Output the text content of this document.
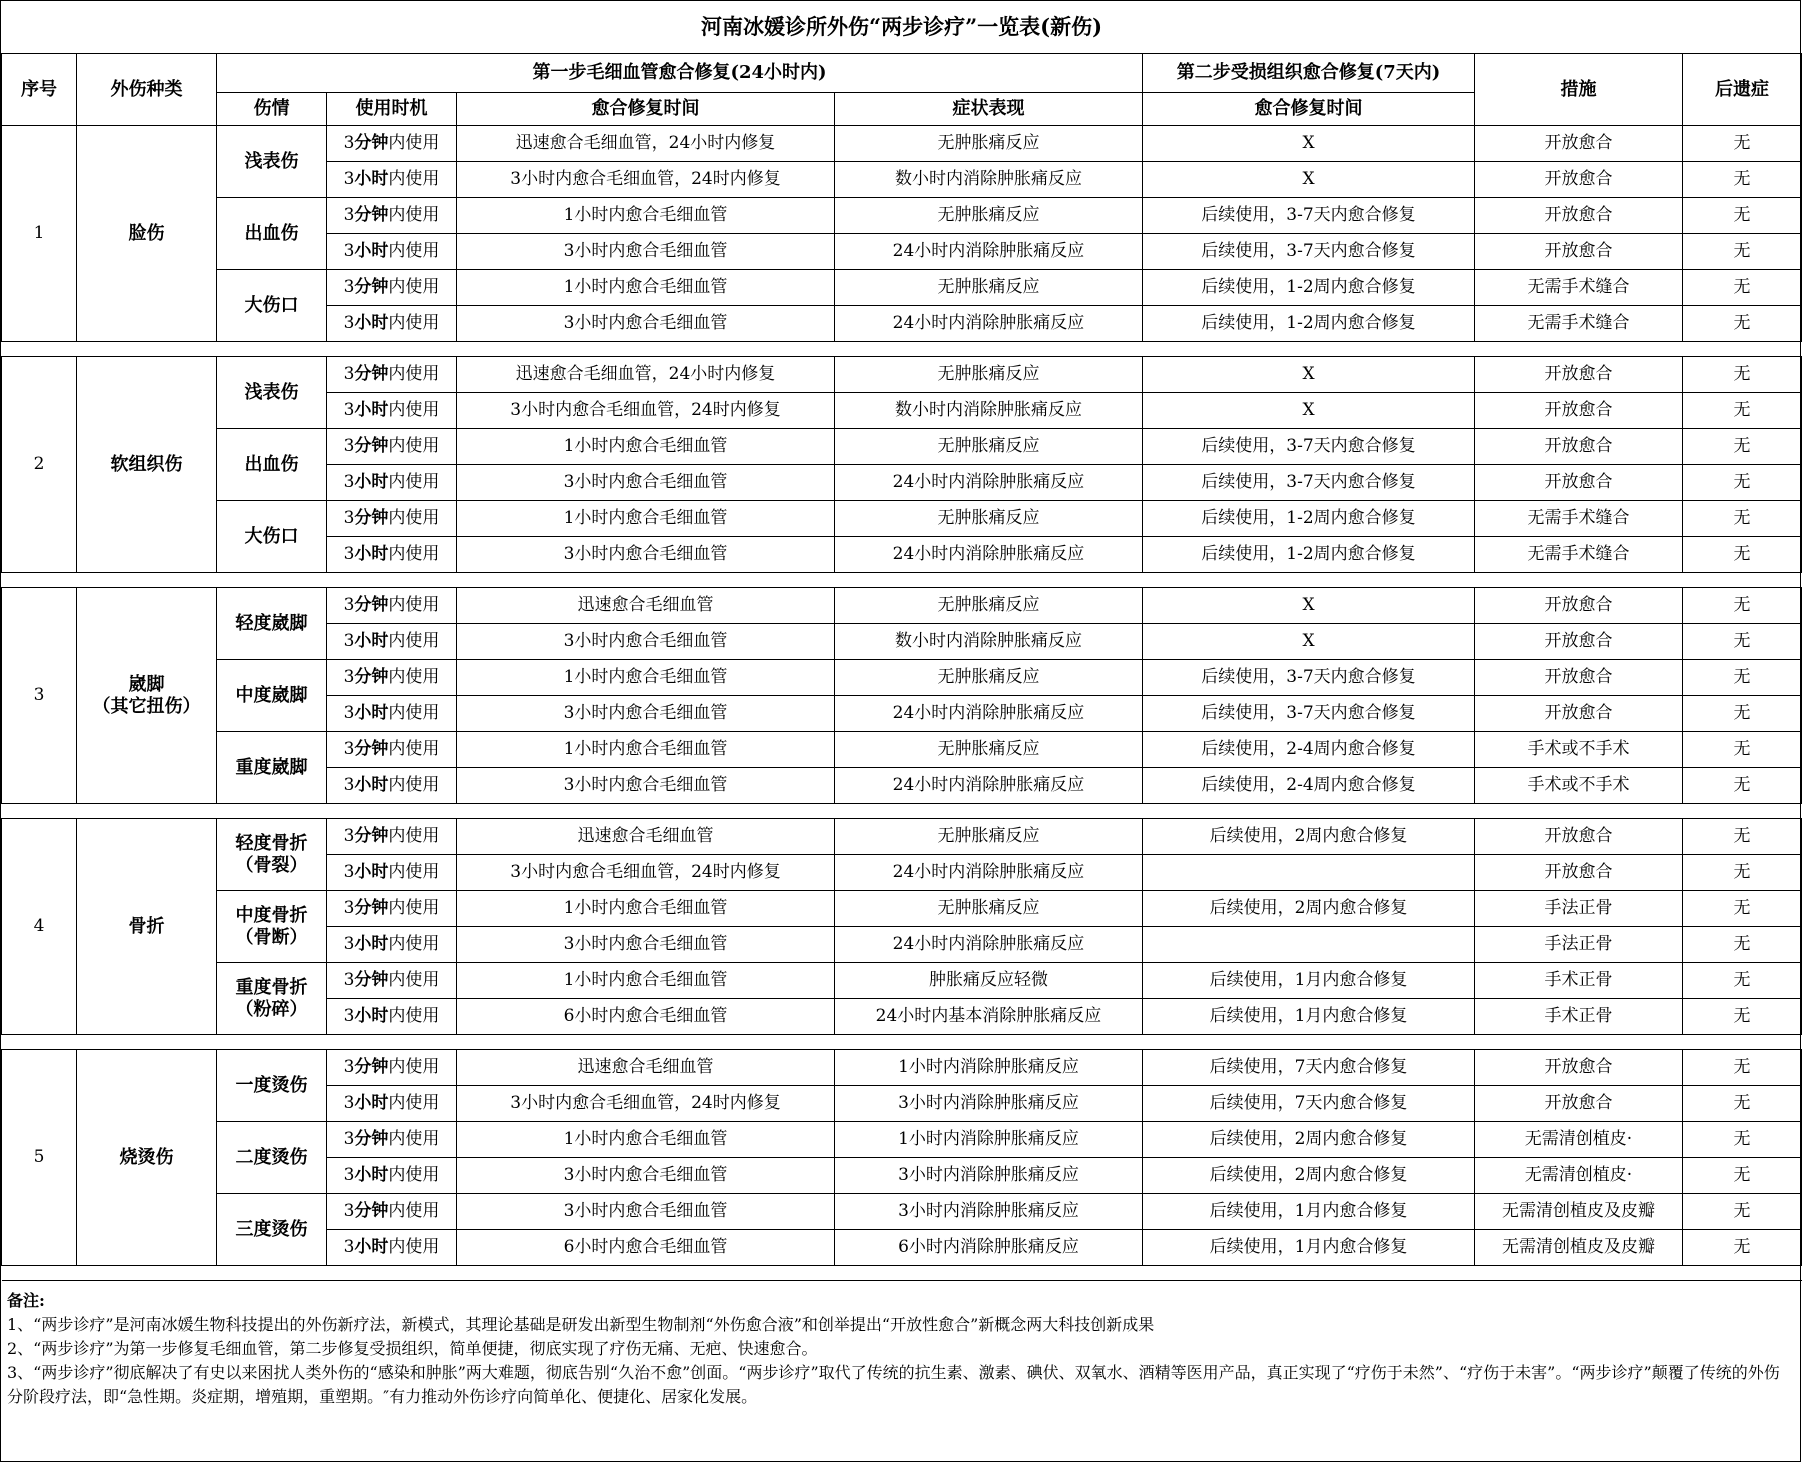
河南冰媛诊所外伤“两步诊疗”一览表(新伤)								
序号	外伤种类	第一步毛细血管愈合修复(24小时内)				第二步受损组织愈合修复(7天内)	措施	后遗症
		伤情	使用时机	愈合修复时间	症状表现	愈合修复时间		
1	脸伤	浅表伤	3分钟内使用	迅速愈合毛细血管，24小时内修复	无肿胀痛反应	X	开放愈合	无
			3小时内使用	3小时内愈合毛细血管，24时内修复	数小时内消除肿胀痛反应	X	开放愈合	无
		出血伤	3分钟内使用	1小时内愈合毛细血管	无肿胀痛反应	后续使用，3-7天内愈合修复	开放愈合	无
			3小时内使用	3小时内愈合毛细血管	24小时内消除肿胀痛反应	后续使用，3-7天内愈合修复	开放愈合	无
		大伤口	3分钟内使用	1小时内愈合毛细血管	无肿胀痛反应	后续使用，1-2周内愈合修复	无需手术缝合	无
			3小时内使用	3小时内愈合毛细血管	24小时内消除肿胀痛反应	后续使用，1-2周内愈合修复	无需手术缝合	无

2	软组织伤	浅表伤	3分钟内使用	迅速愈合毛细血管，24小时内修复	无肿胀痛反应	X	开放愈合	无
			3小时内使用	3小时内愈合毛细血管，24时内修复	数小时内消除肿胀痛反应	X	开放愈合	无
		出血伤	3分钟内使用	1小时内愈合毛细血管	无肿胀痛反应	后续使用，3-7天内愈合修复	开放愈合	无
			3小时内使用	3小时内愈合毛细血管	24小时内消除肿胀痛反应	后续使用，3-7天内愈合修复	开放愈合	无
		大伤口	3分钟内使用	1小时内愈合毛细血管	无肿胀痛反应	后续使用，1-2周内愈合修复	无需手术缝合	无
			3小时内使用	3小时内愈合毛细血管	24小时内消除肿胀痛反应	后续使用，1-2周内愈合修复	无需手术缝合	无

3	崴脚
（其它扭伤）	轻度崴脚	3分钟内使用	迅速愈合毛细血管	无肿胀痛反应	X	开放愈合	无
			3小时内使用	3小时内愈合毛细血管	数小时内消除肿胀痛反应	X	开放愈合	无
		中度崴脚	3分钟内使用	1小时内愈合毛细血管	无肿胀痛反应	后续使用，3-7天内愈合修复	开放愈合	无
			3小时内使用	3小时内愈合毛细血管	24小时内消除肿胀痛反应	后续使用，3-7天内愈合修复	开放愈合	无
		重度崴脚	3分钟内使用	1小时内愈合毛细血管	无肿胀痛反应	后续使用，2-4周内愈合修复	手术或不手术	无
			3小时内使用	3小时内愈合毛细血管	24小时内消除肿胀痛反应	后续使用，2-4周内愈合修复	手术或不手术	无

4	骨折	轻度骨折
（骨裂）	3分钟内使用	迅速愈合毛细血管	无肿胀痛反应	后续使用，2周内愈合修复	开放愈合	无
			3小时内使用	3小时内愈合毛细血管，24时内修复	24小时内消除肿胀痛反应		开放愈合	无
		中度骨折
（骨断）	3分钟内使用	1小时内愈合毛细血管	无肿胀痛反应	后续使用，2周内愈合修复	手法正骨	无
			3小时内使用	3小时内愈合毛细血管	24小时内消除肿胀痛反应		手法正骨	无
		重度骨折
（粉碎）	3分钟内使用	1小时内愈合毛细血管	肿胀痛反应轻微	后续使用，1月内愈合修复	手术正骨	无
			3小时内使用	6小时内愈合毛细血管	24小时内基本消除肿胀痛反应	后续使用，1月内愈合修复	手术正骨	无

5	烧烫伤	一度烫伤	3分钟内使用	迅速愈合毛细血管	1小时内消除肿胀痛反应	后续使用，7天内愈合修复	开放愈合	无
			3小时内使用	3小时内愈合毛细血管，24时内修复	3小时内消除肿胀痛反应	后续使用，7天内愈合修复	开放愈合	无
		二度烫伤	3分钟内使用	1小时内愈合毛细血管	1小时内消除肿胀痛反应	后续使用，2周内愈合修复	无需清创植皮·	无
			3小时内使用	3小时内愈合毛细血管	3小时内消除肿胀痛反应	后续使用，2周内愈合修复	无需清创植皮·	无
		三度烫伤	3分钟内使用	3小时内愈合毛细血管	3小时内消除肿胀痛反应	后续使用，1月内愈合修复	无需清创植皮及皮瓣	无
			3小时内使用	6小时内愈合毛细血管	6小时内消除肿胀痛反应	后续使用，1月内愈合修复	无需清创植皮及皮瓣	无

备注:

1、“两步诊疗”是河南冰媛生物科技提出的外伤新疗法，新模式，其理论基础是研发出新型生物制剂“外伤愈合液”和创举提出“开放性愈合”新概念两大科技创新成果

2、“两步诊疗”为第一步修复毛细血管，第二步修复受损组织，简单便捷，彻底实现了疗伤无痛、无疤、快速愈合。

3、“两步诊疗”彻底解决了有史以来困扰人类外伤的“感染和肿胀”两大难题，彻底告别“久治不愈”创面。“两步诊疗”取代了传统的抗生素、激素、碘伏、双氧水、酒精等医用产品，真正实现了“疗伤于未然”、“疗伤于未害”。“两步诊疗”颠覆了传统的外伤分阶段疗法，即“急性期。炎症期，增殖期，重塑期。″有力推动外伤诊疗向简单化、便捷化、居家化发展。
